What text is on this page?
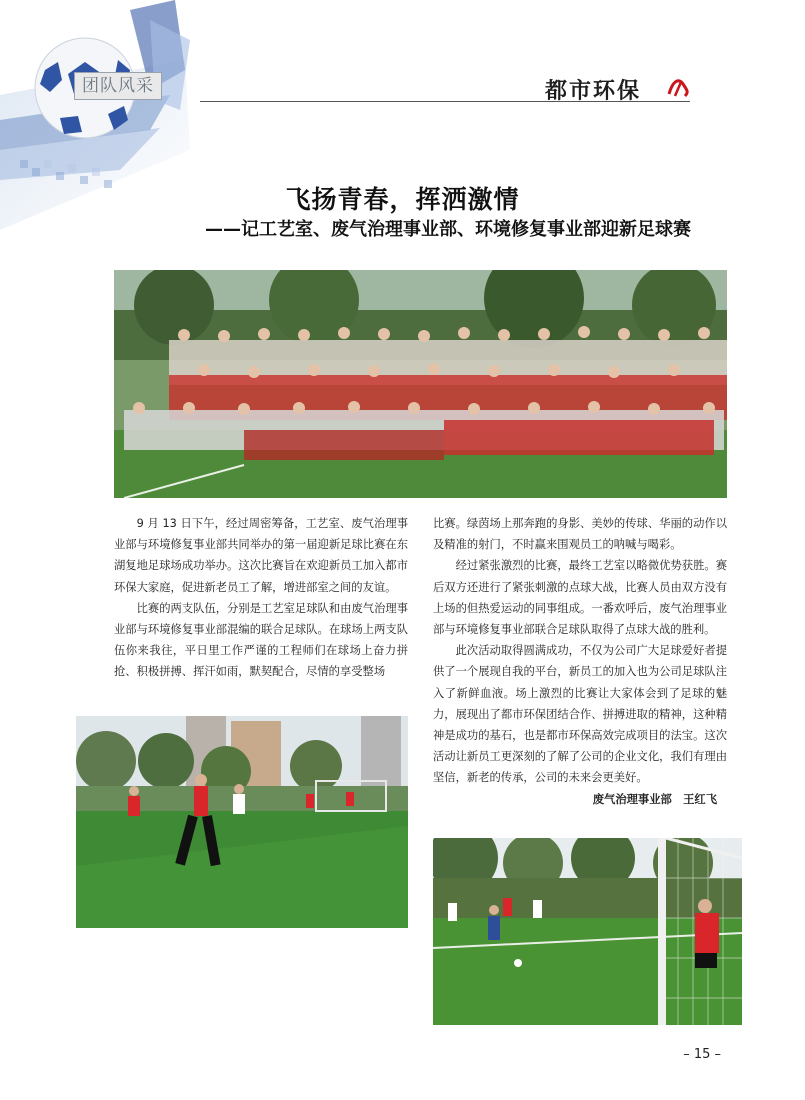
团队风采	都市环保
飞扬青春，挥洒激情
——记工艺室、废气治理事业部、环境修复事业部迎新足球赛

9 月 13 日下午，经过周密筹备，工艺室、废气治理事业部与环境修复事业部共同举办的第一届迎新足球比赛在东湖复地足球场成功举办。这次比赛旨在欢迎新员工加入都市环保大家庭，促进新老员工了解，增进部室之间的友谊。

比赛的两支队伍，分别是工艺室足球队和由废气治理事业部与环境修复事业部混编的联合足球队。在球场上两支队伍你来我往，平日里工作严谨的工程师们在球场上奋力拼抢、积极拼搏、挥汗如雨，默契配合，尽情的享受整场

比赛。绿茵场上那奔跑的身影、美妙的传球、华丽的动作以及精准的射门，不时赢来围观员工的呐喊与喝彩。

经过紧张激烈的比赛，最终工艺室以略微优势获胜。赛后双方还进行了紧张刺激的点球大战，比赛人员由双方没有上场的但热爱运动的同事组成。一番欢呼后，废气治理事业部与环境修复事业部联合足球队取得了点球大战的胜利。

此次活动取得圆满成功，不仅为公司广大足球爱好者提供了一个展现自我的平台，新员工的加入也为公司足球队注入了新鲜血液。场上激烈的比赛让大家体会到了足球的魅力，展现出了都市环保团结合作、拼搏进取的精神，这种精神是成功的基石，也是都市环保高效完成项目的法宝。这次活动让新员工更深刻的了解了公司的企业文化，我们有理由坚信，新老的传承，公司的未来会更美好。

废气治理事业部　王红飞

– 15 –
